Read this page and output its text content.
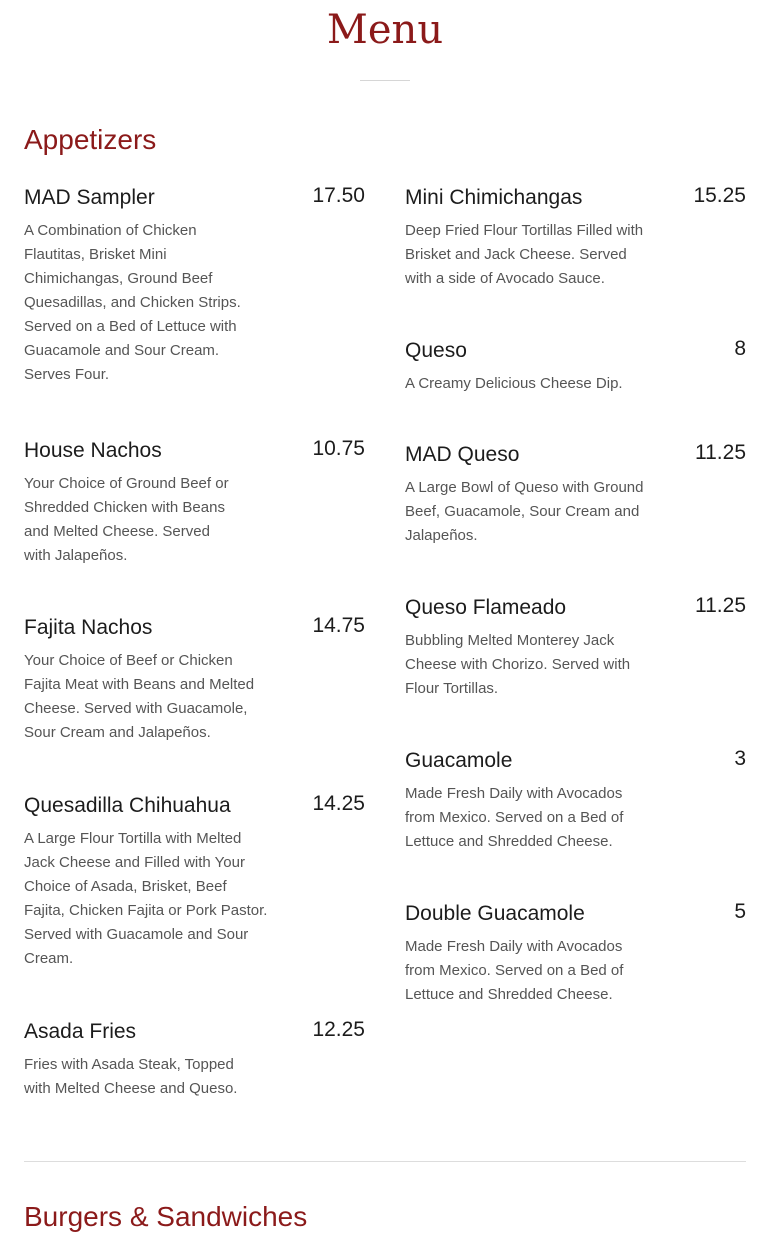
Menu
Appetizers
MAD Sampler	17.50

A Combination of Chicken Flautitas, Brisket Mini Chimichangas, Ground Beef Quesadillas, and Chicken Strips. Served on a Bed of Lettuce with Guacamole and Sour Cream. Serves Four.

House Nachos	10.75

Your Choice of Ground Beef or Shredded Chicken with Beans and Melted Cheese. Served with Jalapeños.

Fajita Nachos	14.75

Your Choice of Beef or Chicken Fajita Meat with Beans and Melted Cheese. Served with Guacamole, Sour Cream and Jalapeños.

Quesadilla Chihuahua	14.25

A Large Flour Tortilla with Melted Jack Cheese and Filled with Your Choice of Asada, Brisket, Beef Fajita, Chicken Fajita or Pork Pastor. Served with Guacamole and Sour Cream.

Asada Fries	12.25

Fries with Asada Steak, Topped with Melted Cheese and Queso.

Mini Chimichangas	15.25

Deep Fried Flour Tortillas Filled with Brisket and Jack Cheese. Served with a side of Avocado Sauce.

Queso	8

A Creamy Delicious Cheese Dip.

MAD Queso	11.25

A Large Bowl of Queso with Ground Beef, Guacamole, Sour Cream and Jalapeños.

Queso Flameado	11.25

Bubbling Melted Monterey Jack Cheese with Chorizo. Served with Flour Tortillas.

Guacamole	3

Made Fresh Daily with Avocados from Mexico. Served on a Bed of Lettuce and Shredded Cheese.

Double Guacamole	5

Made Fresh Daily with Avocados from Mexico. Served on a Bed of Lettuce and Shredded Cheese.

Burgers & Sandwiches
